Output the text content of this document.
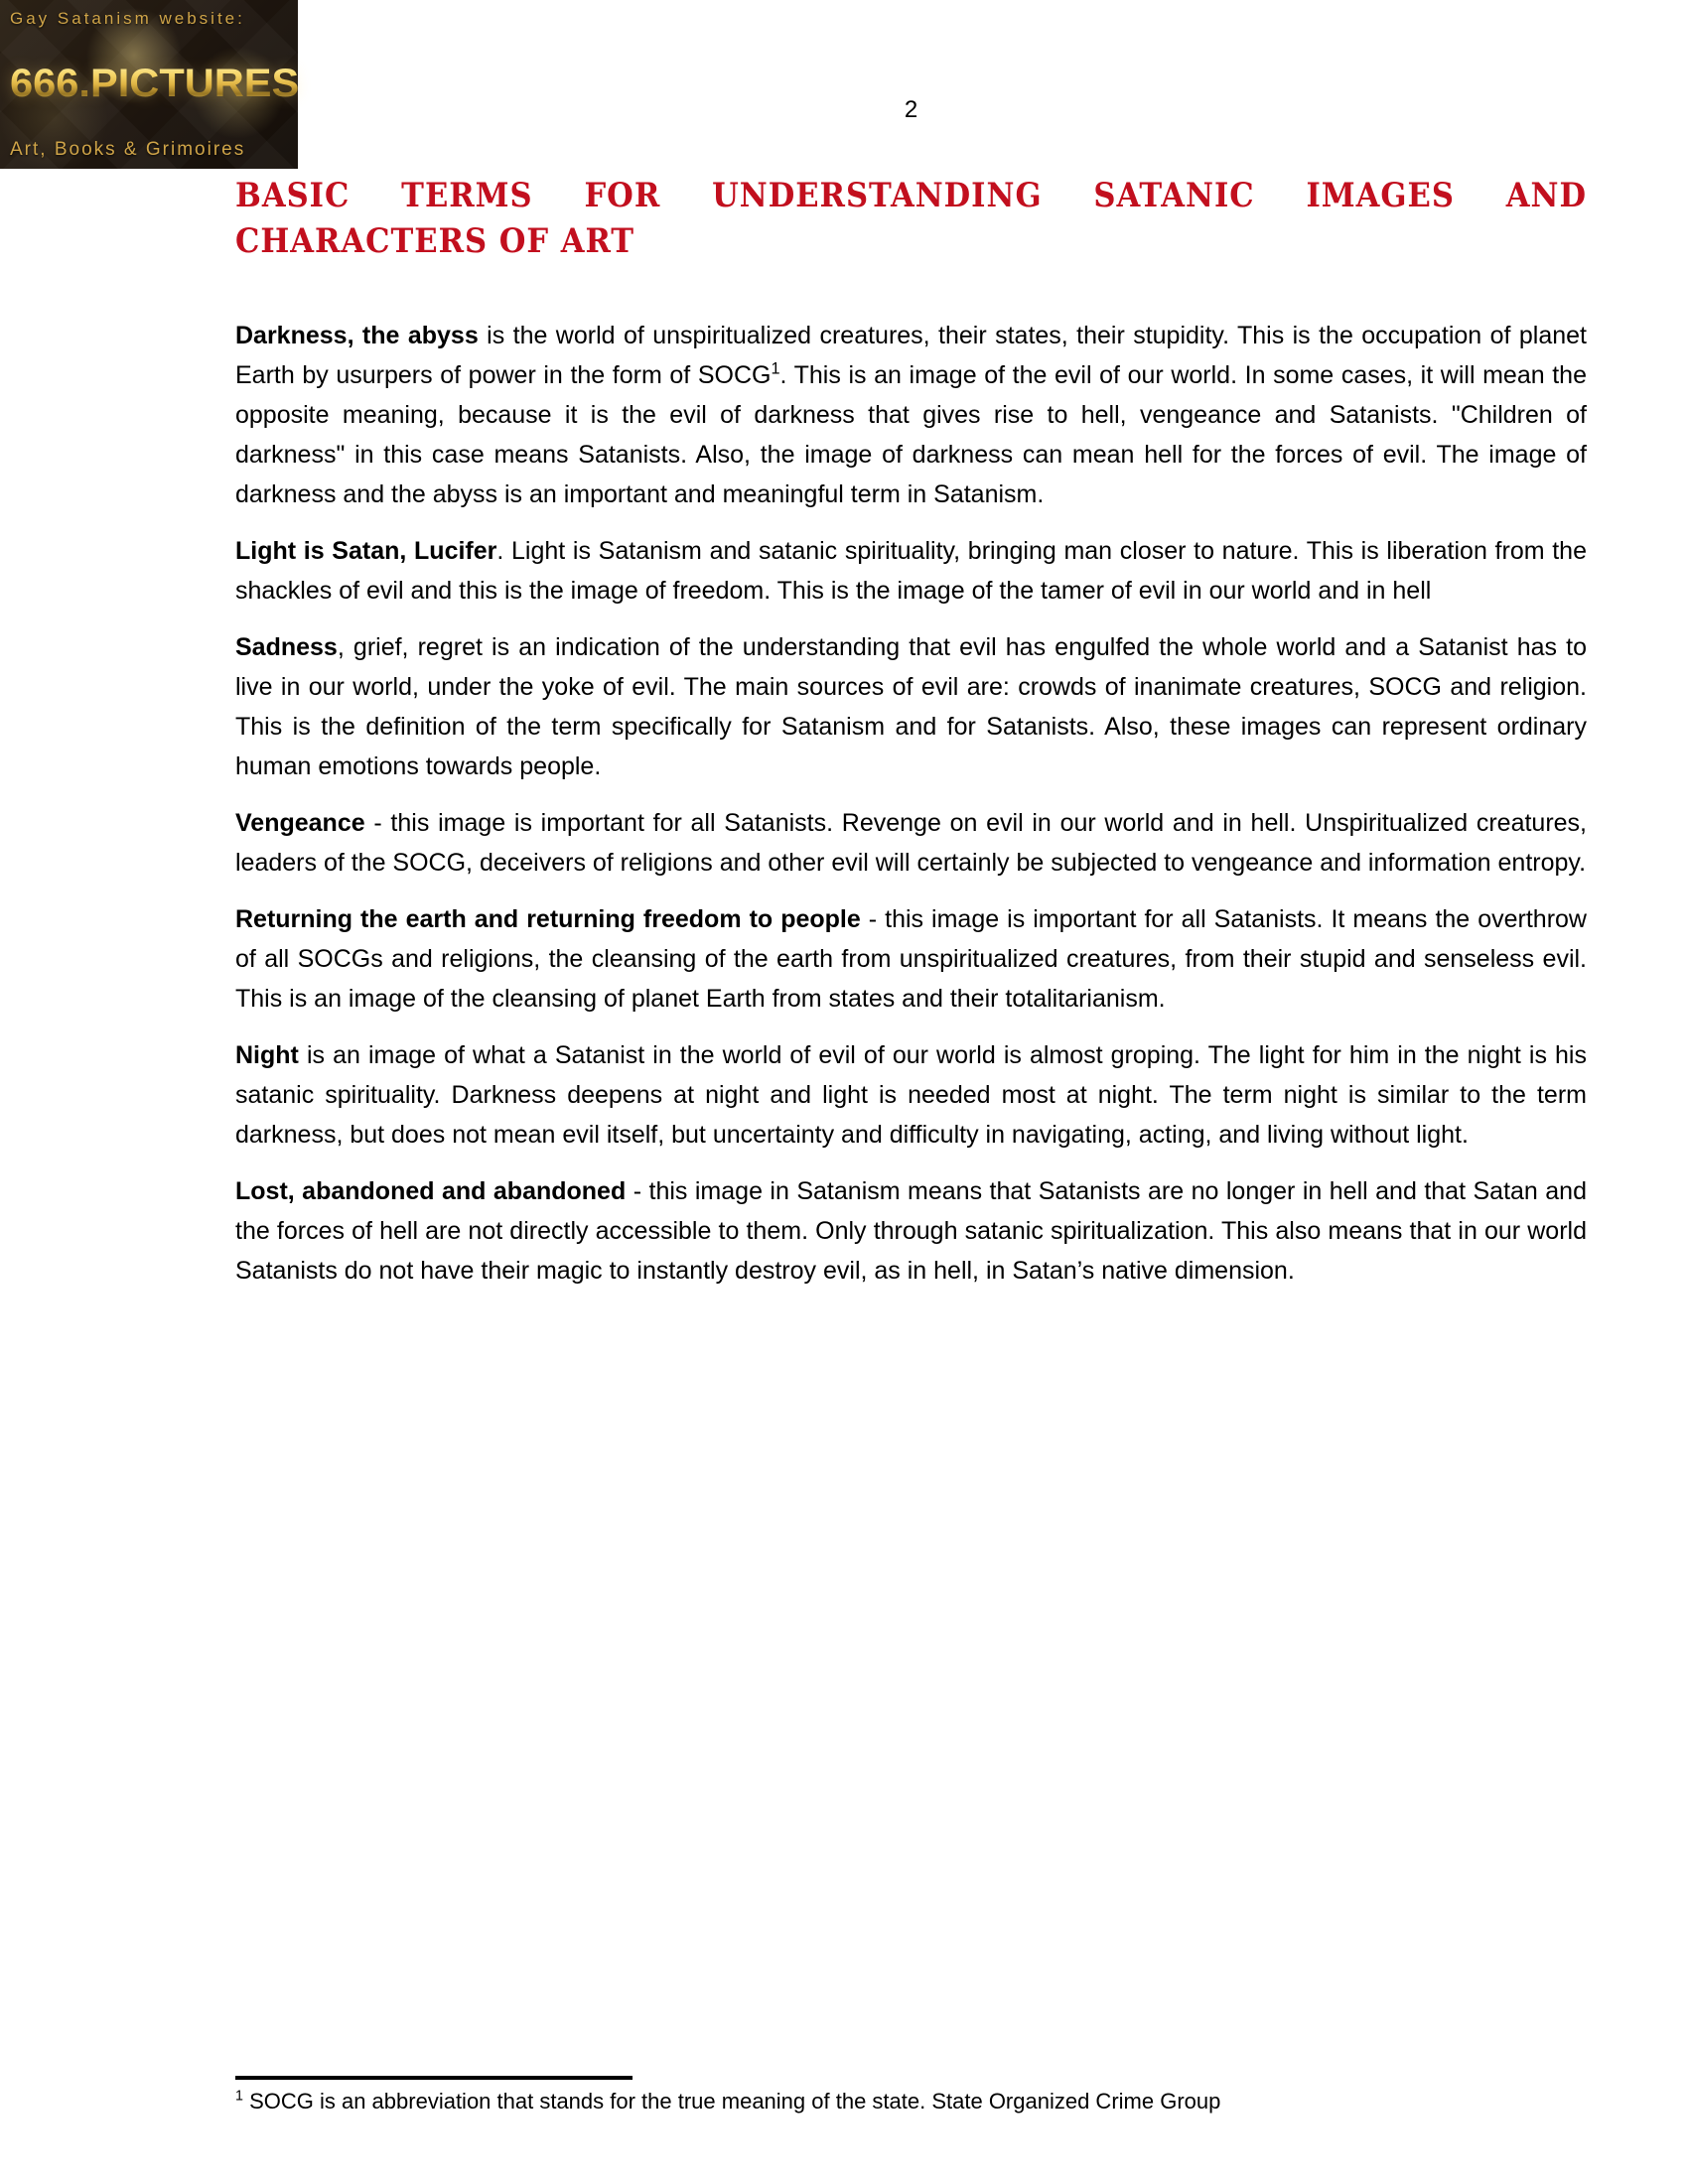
Gay Satanism website:
666.PICTURES
Art, Books & Grimoires
2
BASIC TERMS FOR UNDERSTANDING SATANIC IMAGES AND
CHARACTERS OF ART

Darkness, the abyss is the world of unspiritualized creatures, their states, their stupidity. This is the occupation of planet Earth by usurpers of power in the form of SOCG$^1$. This is an image of the evil of our world. In some cases, it will mean the opposite meaning, because it is the evil of darkness that gives rise to hell, vengeance and Satanists. "Children of darkness" in this case means Satanists. Also, the image of darkness can mean hell for the forces of evil. The image of darkness and the abyss is an important and meaningful term in Satanism.

Light is Satan, Lucifer. Light is Satanism and satanic spirituality, bringing man closer to nature. This is liberation from the shackles of evil and this is the image of freedom. This is the image of the tamer of evil in our world and in hell

Sadness, grief, regret is an indication of the understanding that evil has engulfed the whole world and a Satanist has to live in our world, under the yoke of evil. The main sources of evil are: crowds of inanimate creatures, SOCG and religion. This is the definition of the term specifically for Satanism and for Satanists. Also, these images can represent ordinary human emotions towards people.

Vengeance - this image is important for all Satanists. Revenge on evil in our world and in hell. Unspiritualized creatures, leaders of the SOCG, deceivers of religions and other evil will certainly be subjected to vengeance and information entropy.

Returning the earth and returning freedom to people - this image is important for all Satanists. It means the overthrow of all SOCGs and religions, the cleansing of the earth from unspiritualized creatures, from their stupid and senseless evil. This is an image of the cleansing of planet Earth from states and their totalitarianism.

Night is an image of what a Satanist in the world of evil of our world is almost groping. The light for him in the night is his satanic spirituality. Darkness deepens at night and light is needed most at night. The term night is similar to the term darkness, but does not mean evil itself, but uncertainty and difficulty in navigating, acting, and living without light.

Lost, abandoned and abandoned - this image in Satanism means that Satanists are no longer in hell and that Satan and the forces of hell are not directly accessible to them. Only through satanic spiritualization. This also means that in our world Satanists do not have their magic to instantly destroy evil, as in hell, in Satan’s native dimension.

$^1$ SOCG is an abbreviation that stands for the true meaning of the state. State Organized Crime Group
